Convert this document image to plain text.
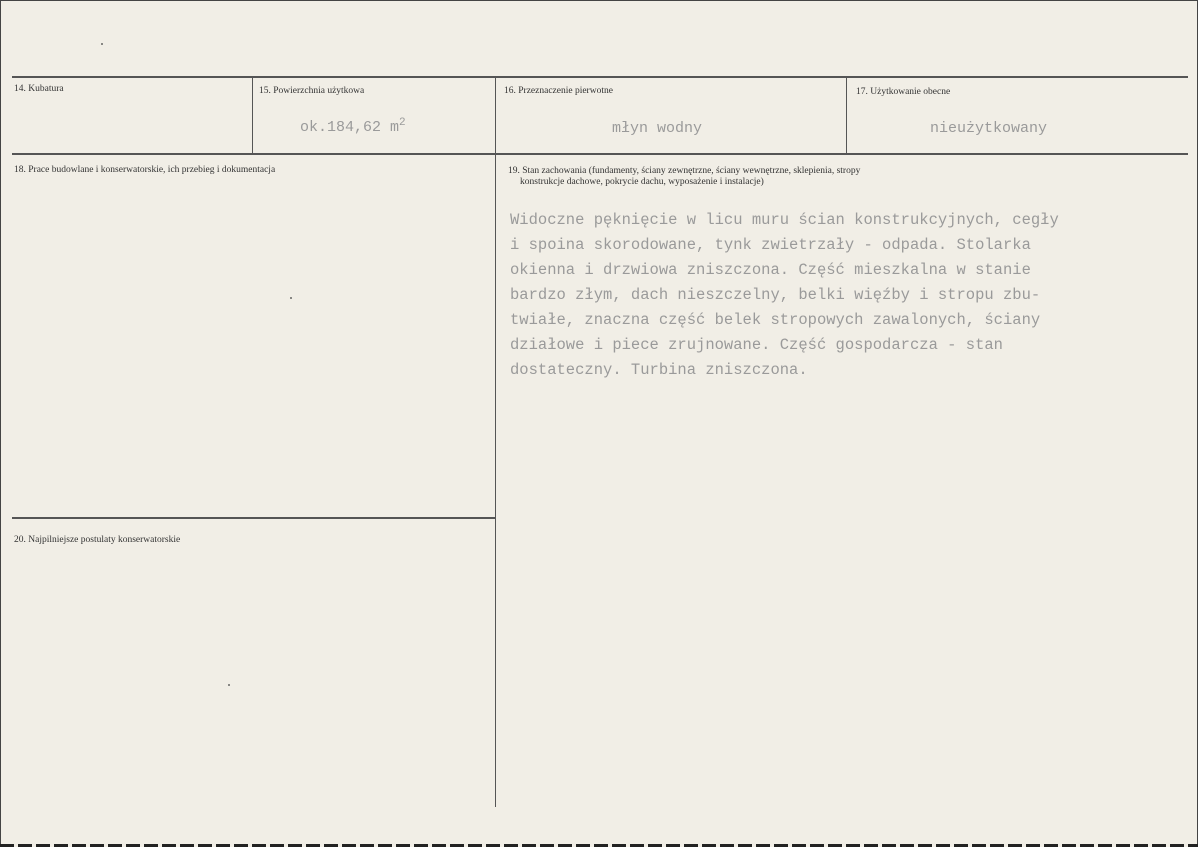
14. Kubatura	15. Powierzchnia użytkowa
ok.184,62 $m^2$
16. Przeznaczenie pierwotne
młyn wodny
17. Użytkowanie obecne
nieużytkowany
18. Prace budowlane i konserwatorskie, ich przebieg i dokumentacja	19. Stan zachowania (fundamenty, ściany zewnętrzne, ściany wewnętrzne, sklepienia, stropy
konstrukcje dachowe, pokrycie dachu, wyposażenie i instalacje)

Widoczne pęknięcie w licu muru ścian konstrukcyjnych, cegły

i spoina skorodowane, tynk zwietrzały - odpada. Stolarka

okienna i drzwiowa zniszczona. Część mieszkalna w stanie

bardzo złym, dach nieszczelny, belki więźby i stropu zbu-

twiałe, znaczna część belek stropowych zawalonych, ściany

działowe i piece zrujnowane. Część gospodarcza - stan

dostateczny. Turbina zniszczona.

20. Najpilniejsze postulaty konserwatorskie
